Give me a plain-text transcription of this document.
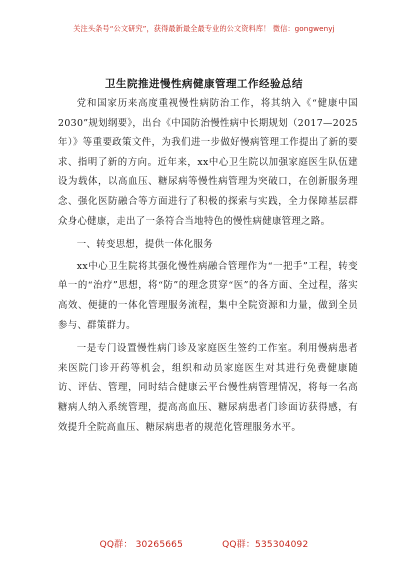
关注头条号“公文研究”，获得最新最全最专业的公文资料库！ 微信：gongwenyj
卫生院推进慢性病健康管理工作经验总结

党和国家历来高度重视慢性病防治工作，将其纳入《“健康中国2030”规划纲要》，出台《中国防治慢性病中长期规划（2017—2025年）》等重要政策文件，为我们进一步做好慢病管理工作提出了新的要求、指明了新的方向。近年来，xx中心卫生院以加强家庭医生队伍建设为载体，以高血压、糖尿病等慢性病管理为突破口，在创新服务理念、强化医防融合等方面进行了积极的探索与实践，全力保障基层群众身心健康，走出了一条符合当地特色的慢性病健康管理之路。

一、转变思想，提供一体化服务

xx中心卫生院将其强化慢性病融合管理作为“一把手”工程，转变单一的“治疗”思想，将“防”的理念贯穿“医”的各方面、全过程，落实高效、便捷的一体化管理服务流程，集中全院资源和力量，做到全员参与、群策群力。

一是专门设置慢性病门诊及家庭医生签约工作室。利用慢病患者来医院门诊开药等机会，组织和动员家庭医生对其进行免费健康随访、评估、管理，同时结合健康云平台慢性病管理情况，将每一名高糖病人纳入系统管理，提高高血压、糖尿病患者门诊面访获得感，有效提升全院高血压、糖尿病患者的规范化管理服务水平。

QQ群： 30265665	QQ群：535304092
